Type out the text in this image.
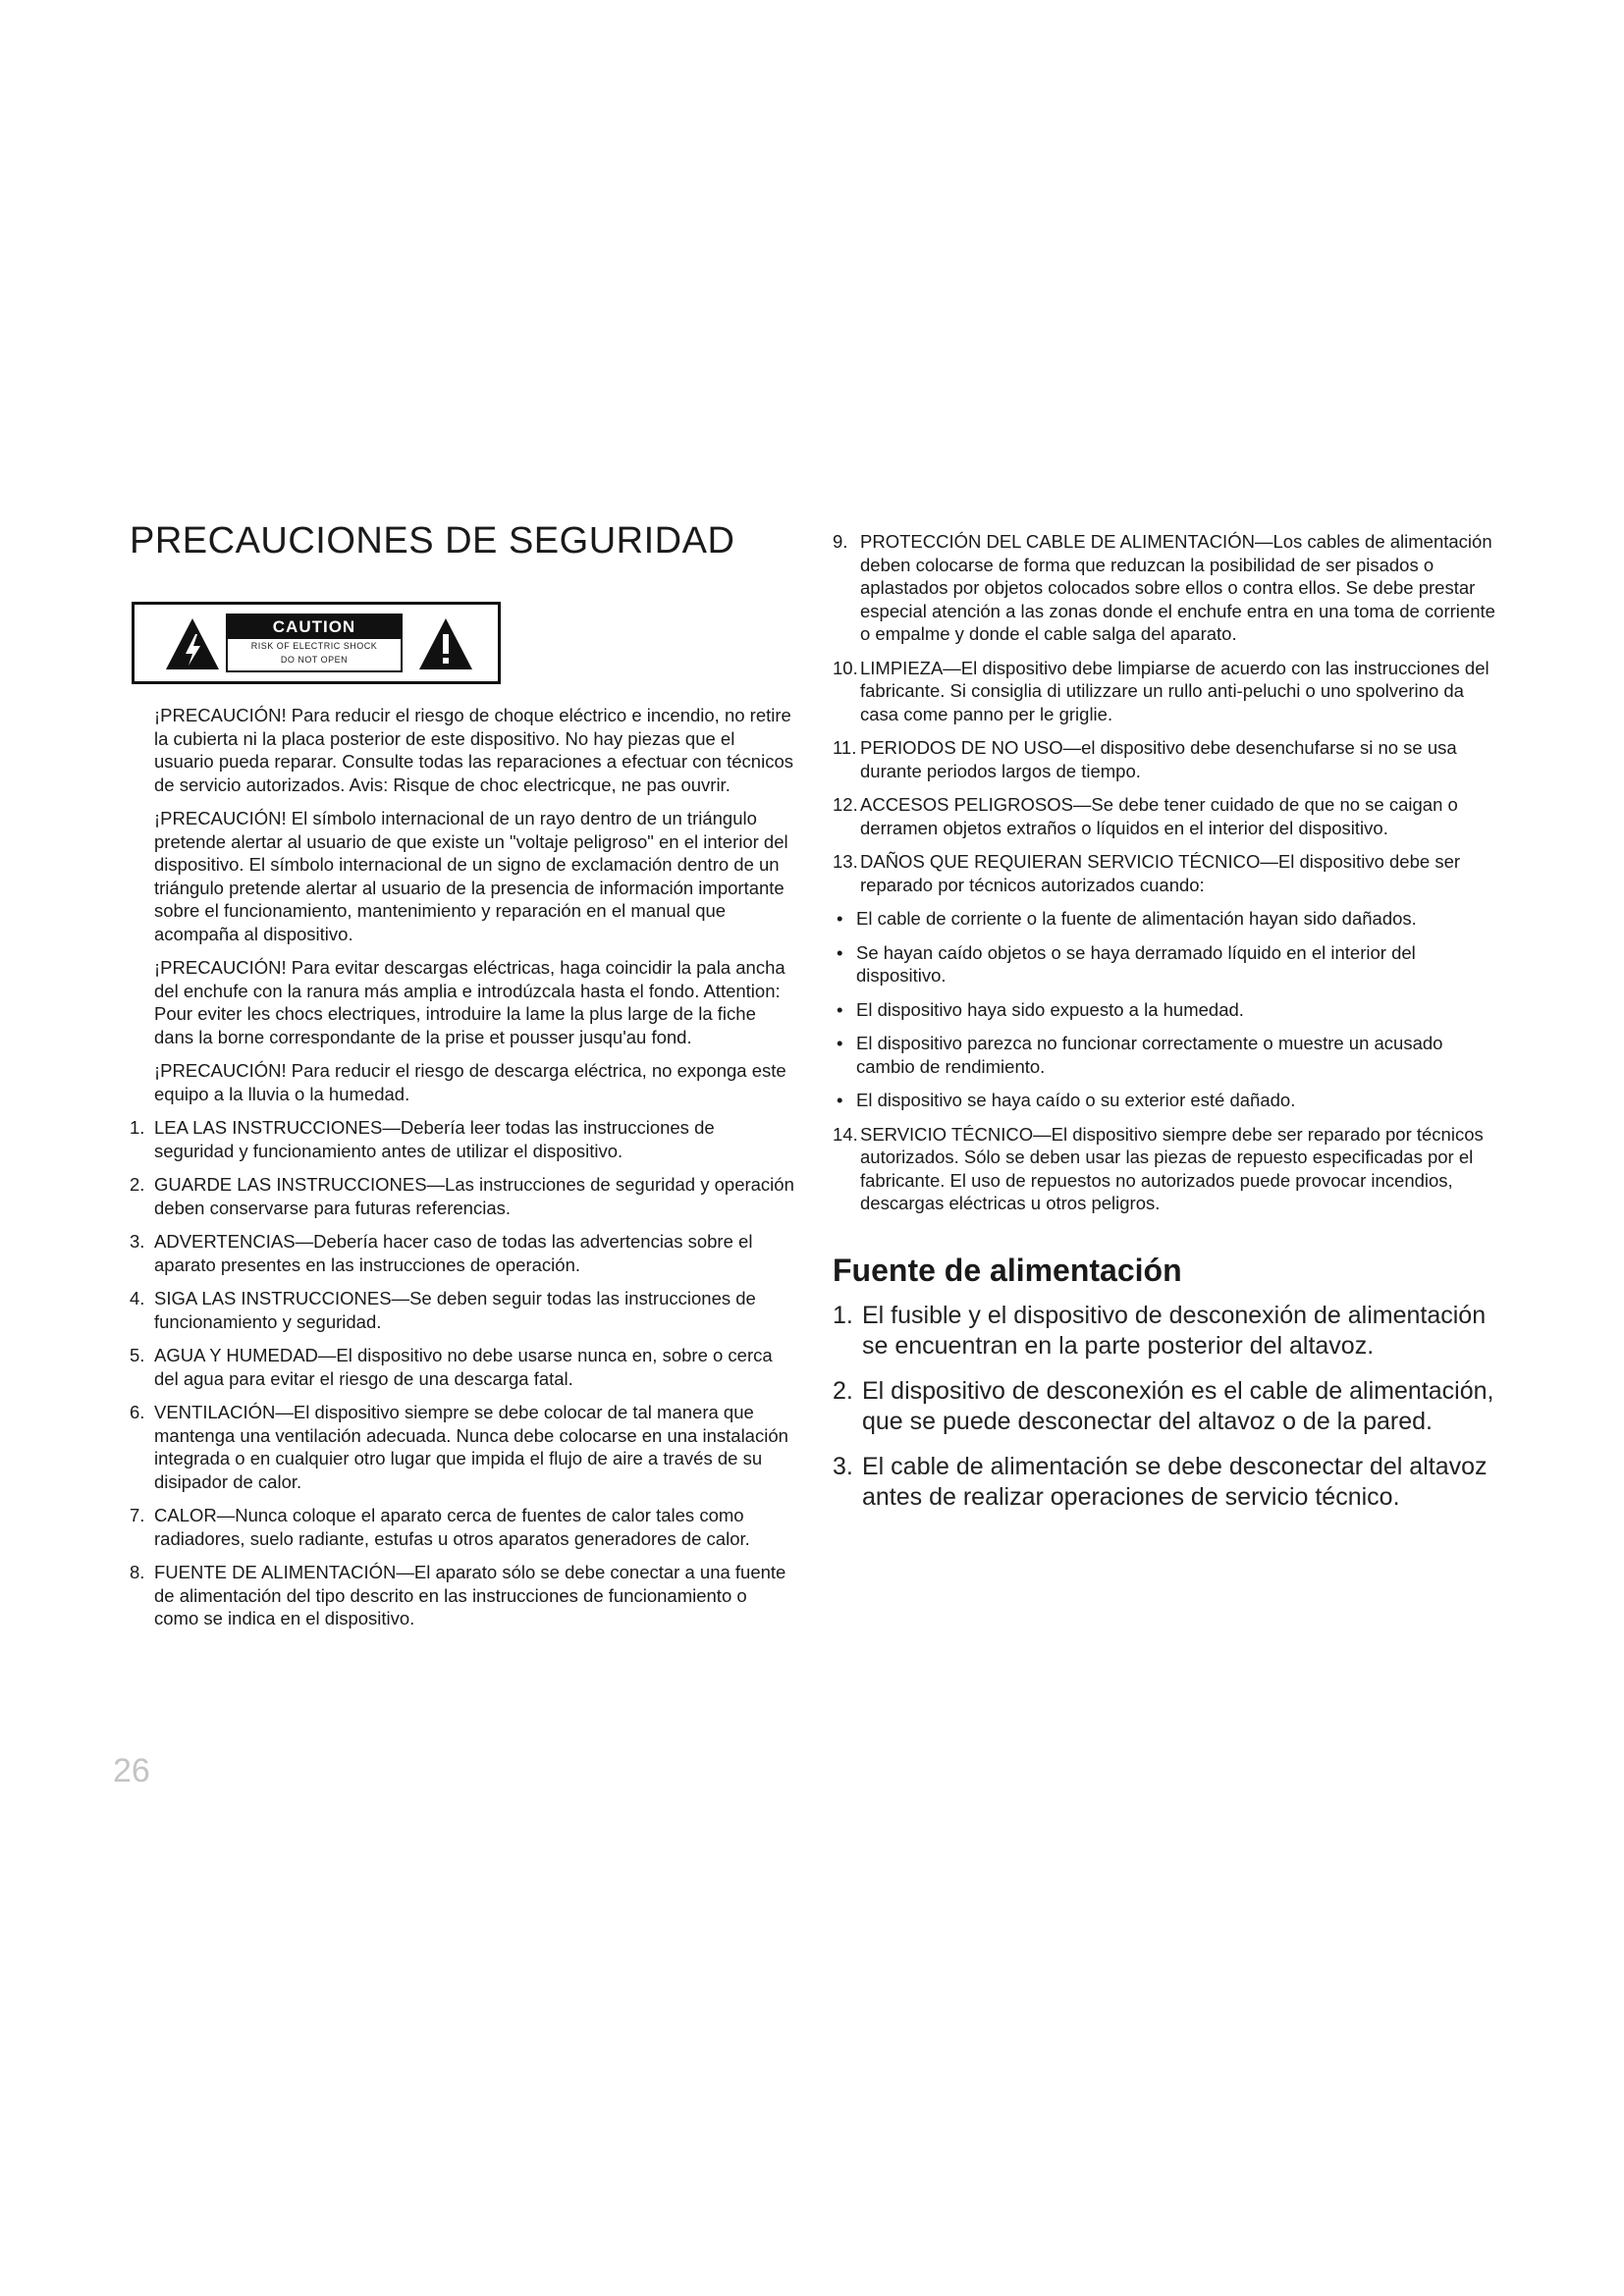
PRECAUCIONES DE SEGURIDAD
CAUTION
RISK OF ELECTRIC SHOCK
DO NOT OPEN

¡PRECAUCIÓN! Para reducir el riesgo de choque eléctrico e incendio, no retire la cubierta ni la placa posterior de este dispositivo. No hay piezas que el usuario pueda reparar. Consulte todas las reparaciones a efectuar con técnicos de servicio autorizados. Avis: Risque de choc electricque, ne pas ouvrir.

¡PRECAUCIÓN! El símbolo internacional de un rayo dentro de un triángulo pretende alertar al usuario de que existe un "voltaje peligroso" en el interior del dispositivo. El símbolo internacional de un signo de exclamación dentro de un triángulo pretende alertar al usuario de la presencia de información importante sobre el funcionamiento, mantenimiento y reparación en el manual que acompaña al dispositivo.

¡PRECAUCIÓN! Para evitar descargas eléctricas, haga coincidir la pala ancha del enchufe con la ranura más amplia e introdúzcala hasta el fondo. Attention: Pour eviter les chocs electriques, introduire la lame la plus large de la fiche dans la borne correspondante de la prise et pousser jusqu'au fond.

¡PRECAUCIÓN! Para reducir el riesgo de descarga eléctrica, no exponga este equipo a la lluvia o la humedad.

1. LEA LAS INSTRUCCIONES—Debería leer todas las instrucciones de seguridad y funcionamiento antes de utilizar el dispositivo.
2. GUARDE LAS INSTRUCCIONES—Las instrucciones de seguridad y operación deben conservarse para futuras referencias.
3. ADVERTENCIAS—Debería hacer caso de todas las advertencias sobre el aparato presentes en las instrucciones de operación.
4. SIGA LAS INSTRUCCIONES—Se deben seguir todas las instrucciones de funcionamiento y seguridad.
5. AGUA Y HUMEDAD—El dispositivo no debe usarse nunca en, sobre o cerca del agua para evitar el riesgo de una descarga fatal.
6. VENTILACIÓN—El dispositivo siempre se debe colocar de tal manera que mantenga una ventilación adecuada. Nunca debe colocarse en una instalación integrada o en cualquier otro lugar que impida el flujo de aire a través de su disipador de calor.
7. CALOR—Nunca coloque el aparato cerca de fuentes de calor tales como radiadores, suelo radiante, estufas u otros aparatos generadores de calor.
8. FUENTE DE ALIMENTACIÓN—El aparato sólo se debe conectar a una fuente de alimentación del tipo descrito en las instrucciones de funcionamiento o como se indica en el dispositivo.
9. PROTECCIÓN DEL CABLE DE ALIMENTACIÓN—Los cables de alimentación deben colocarse de forma que reduzcan la posibilidad de ser pisados o aplastados por objetos colocados sobre ellos o contra ellos. Se debe prestar especial atención a las zonas donde el enchufe entra en una toma de corriente o empalme y donde el cable salga del aparato.
10. LIMPIEZA—El dispositivo debe limpiarse de acuerdo con las instrucciones del fabricante. Si consiglia di utilizzare un rullo anti-peluchi o uno spolverino da casa come panno per le griglie.
11. PERIODOS DE NO USO—el dispositivo debe desenchufarse si no se usa durante periodos largos de tiempo.
12. ACCESOS PELIGROSOS—Se debe tener cuidado de que no se caigan o derramen objetos extraños o líquidos en el interior del dispositivo.
13. DAÑOS QUE REQUIERAN SERVICIO TÉCNICO—El dispositivo debe ser reparado por técnicos autorizados cuando:
• El cable de corriente o la fuente de alimentación hayan sido dañados.
• Se hayan caído objetos o se haya derramado líquido en el interior del dispositivo.
• El dispositivo haya sido expuesto a la humedad.
• El dispositivo parezca no funcionar correctamente o muestre un acusado cambio de rendimiento.
• El dispositivo se haya caído o su exterior esté dañado.
14. SERVICIO TÉCNICO—El dispositivo siempre debe ser reparado por técnicos autorizados. Sólo se deben usar las piezas de repuesto especificadas por el fabricante. El uso de repuestos no autorizados puede provocar incendios, descargas eléctricas u otros peligros.
Fuente de alimentación
1. El fusible y el dispositivo de desconexión de alimentación se encuentran en la parte posterior del altavoz.
2. El dispositivo de desconexión es el cable de alimentación, que se puede desconectar del altavoz o de la pared.
3. El cable de alimentación se debe desconectar del altavoz antes de realizar operaciones de servicio técnico.
26
